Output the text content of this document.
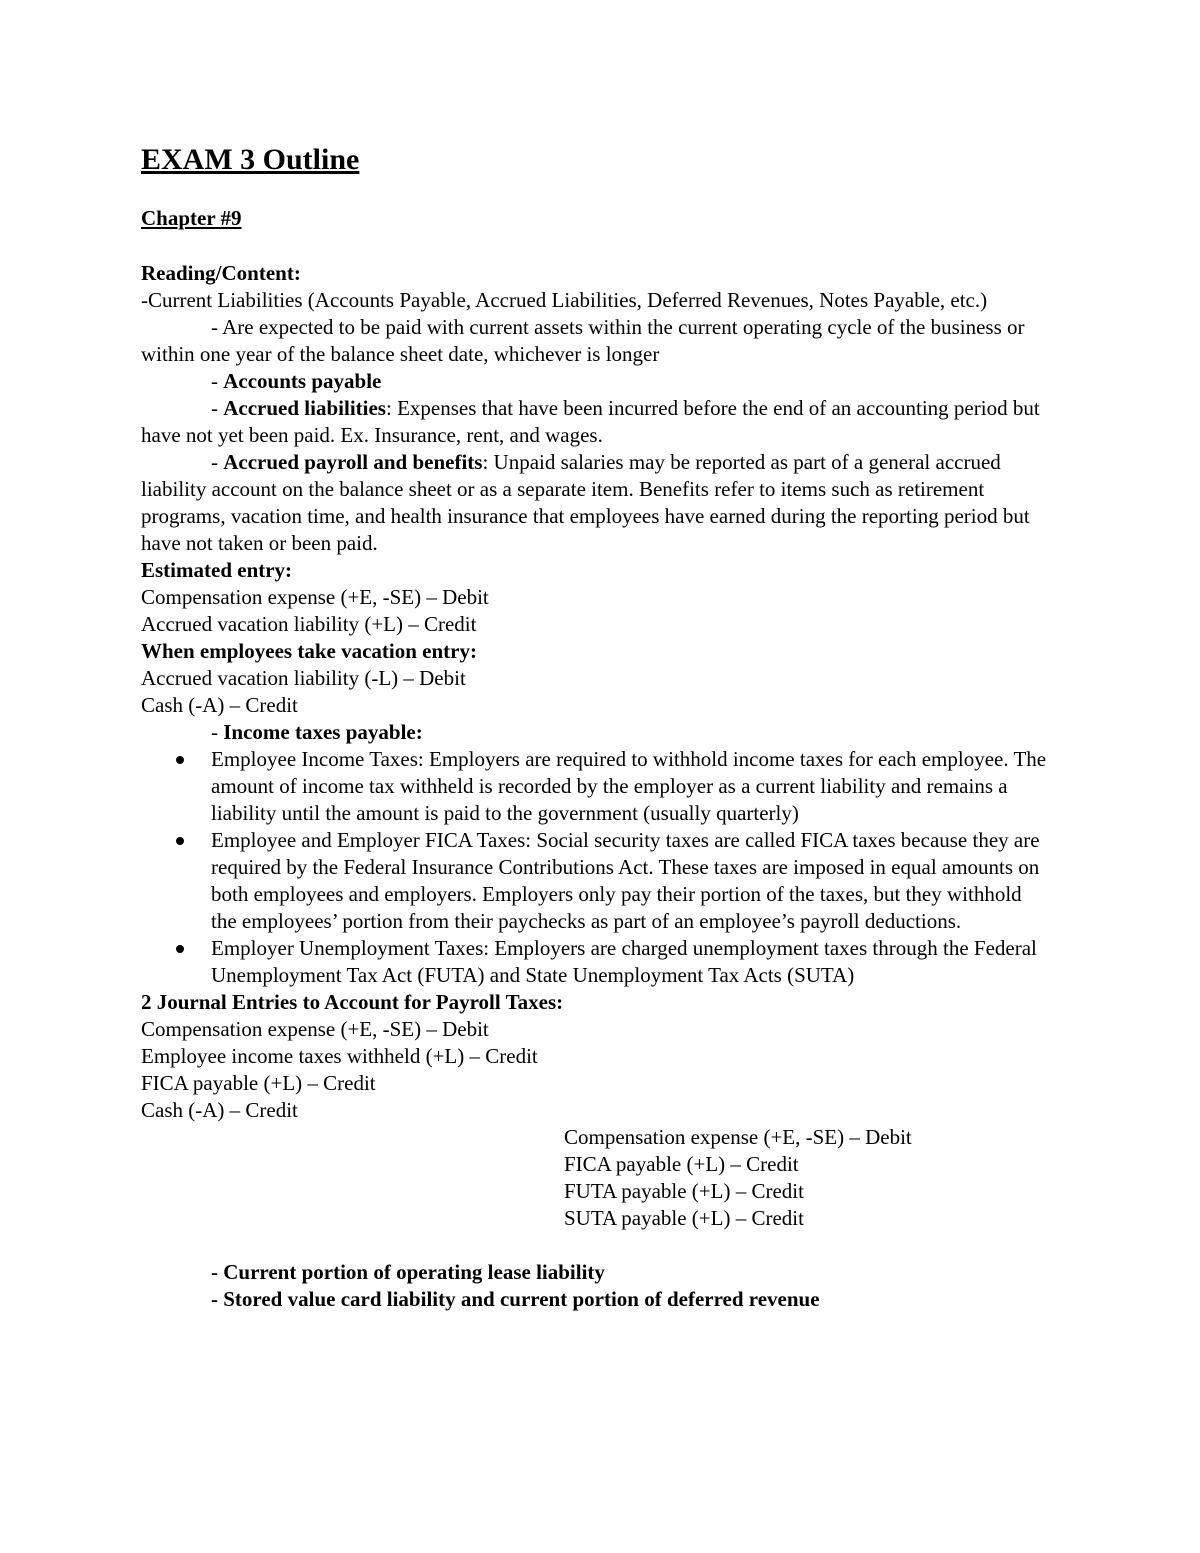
EXAM 3 Outline
Chapter #9

Reading/Content:

-Current Liabilities (Accounts Payable, Accrued Liabilities, Deferred Revenues, Notes Payable, etc.)

- Are expected to be paid with current assets within the current operating cycle of the business or within one year of the balance sheet date, whichever is longer

- Accounts payable

- Accrued liabilities: Expenses that have been incurred before the end of an accounting period but have not yet been paid. Ex. Insurance, rent, and wages.

- Accrued payroll and benefits: Unpaid salaries may be reported as part of a general accrued liability account on the balance sheet or as a separate item. Benefits refer to items such as retirement programs, vacation time, and health insurance that employees have earned during the reporting period but have not taken or been paid.

Estimated entry:

Compensation expense (+E, -SE) – Debit

Accrued vacation liability (+L) – Credit

When employees take vacation entry:

Accrued vacation liability (-L) – Debit

Cash (-A) – Credit

- Income taxes payable:

Employee Income Taxes: Employers are required to withhold income taxes for each employee. The amount of income tax withheld is recorded by the employer as a current liability and remains a liability until the amount is paid to the government (usually quarterly)
Employee and Employer FICA Taxes: Social security taxes are called FICA taxes because they are required by the Federal Insurance Contributions Act. These taxes are imposed in equal amounts on both employees and employers. Employers only pay their portion of the taxes, but they withhold the employees’ portion from their paychecks as part of an employee’s payroll deductions.
Employer Unemployment Taxes: Employers are charged unemployment taxes through the Federal Unemployment Tax Act (FUTA) and State Unemployment Tax Acts (SUTA)

2 Journal Entries to Account for Payroll Taxes:

Compensation expense (+E, -SE) – Debit

Employee income taxes withheld (+L) – Credit

FICA payable (+L) – Credit

Cash (-A) – Credit

Compensation expense (+E, -SE) – Debit

FICA payable (+L) – Credit

FUTA payable (+L) – Credit

SUTA payable (+L) – Credit

- Current portion of operating lease liability

- Stored value card liability and current portion of deferred revenue
